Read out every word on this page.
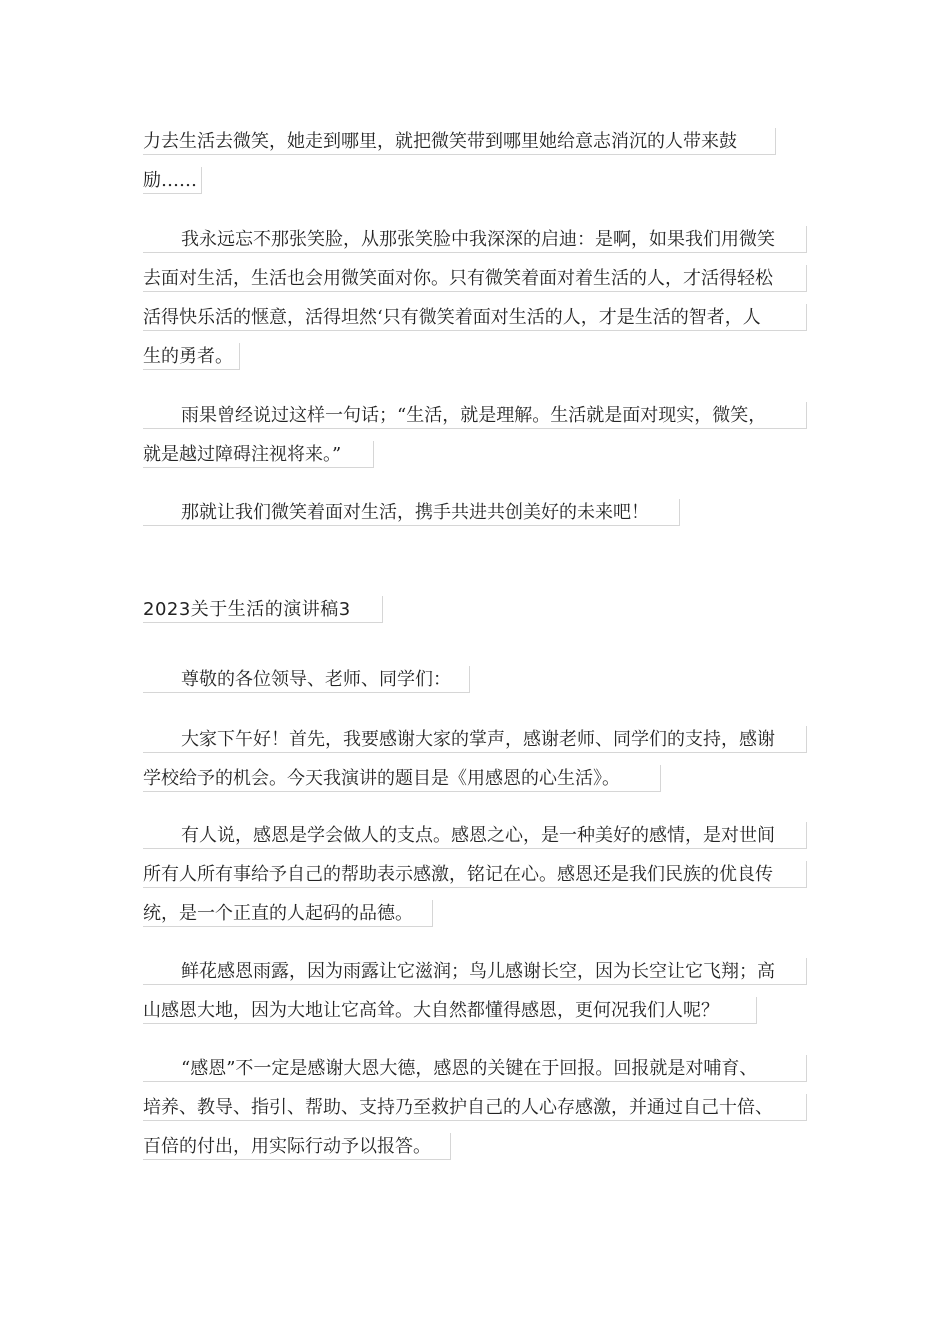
力去生活去微笑，她走到哪里，就把微笑带到哪里她给意志消沉的人带来鼓
励……
我永远忘不那张笑脸，从那张笑脸中我深深的启迪：是啊，如果我们用微笑
去面对生活，生活也会用微笑面对你。只有微笑着面对着生活的人，才活得轻松
活得快乐活的惬意，活得坦然‘只有微笑着面对生活的人，才是生活的智者，人
生的勇者。
雨果曾经说过这样一句话；“生活，就是理解。生活就是面对现实，微笑，
就是越过障碍注视将来。”
那就让我们微笑着面对生活，携手共进共创美好的未来吧！
2023关于生活的演讲稿3
尊敬的各位领导、老师、同学们：
大家下午好！首先，我要感谢大家的掌声，感谢老师、同学们的支持，感谢
学校给予的机会。今天我演讲的题目是《用感恩的心生活》。
有人说，感恩是学会做人的支点。感恩之心，是一种美好的感情，是对世间
所有人所有事给予自己的帮助表示感激，铭记在心。感恩还是我们民族的优良传
统，是一个正直的人起码的品德。
鲜花感恩雨露，因为雨露让它滋润；鸟儿感谢长空，因为长空让它飞翔；高
山感恩大地，因为大地让它高耸。大自然都懂得感恩，更何况我们人呢？
“感恩”不一定是感谢大恩大德，感恩的关键在于回报。回报就是对哺育、
培养、教导、指引、帮助、支持乃至救护自己的人心存感激，并通过自己十倍、
百倍的付出，用实际行动予以报答。
